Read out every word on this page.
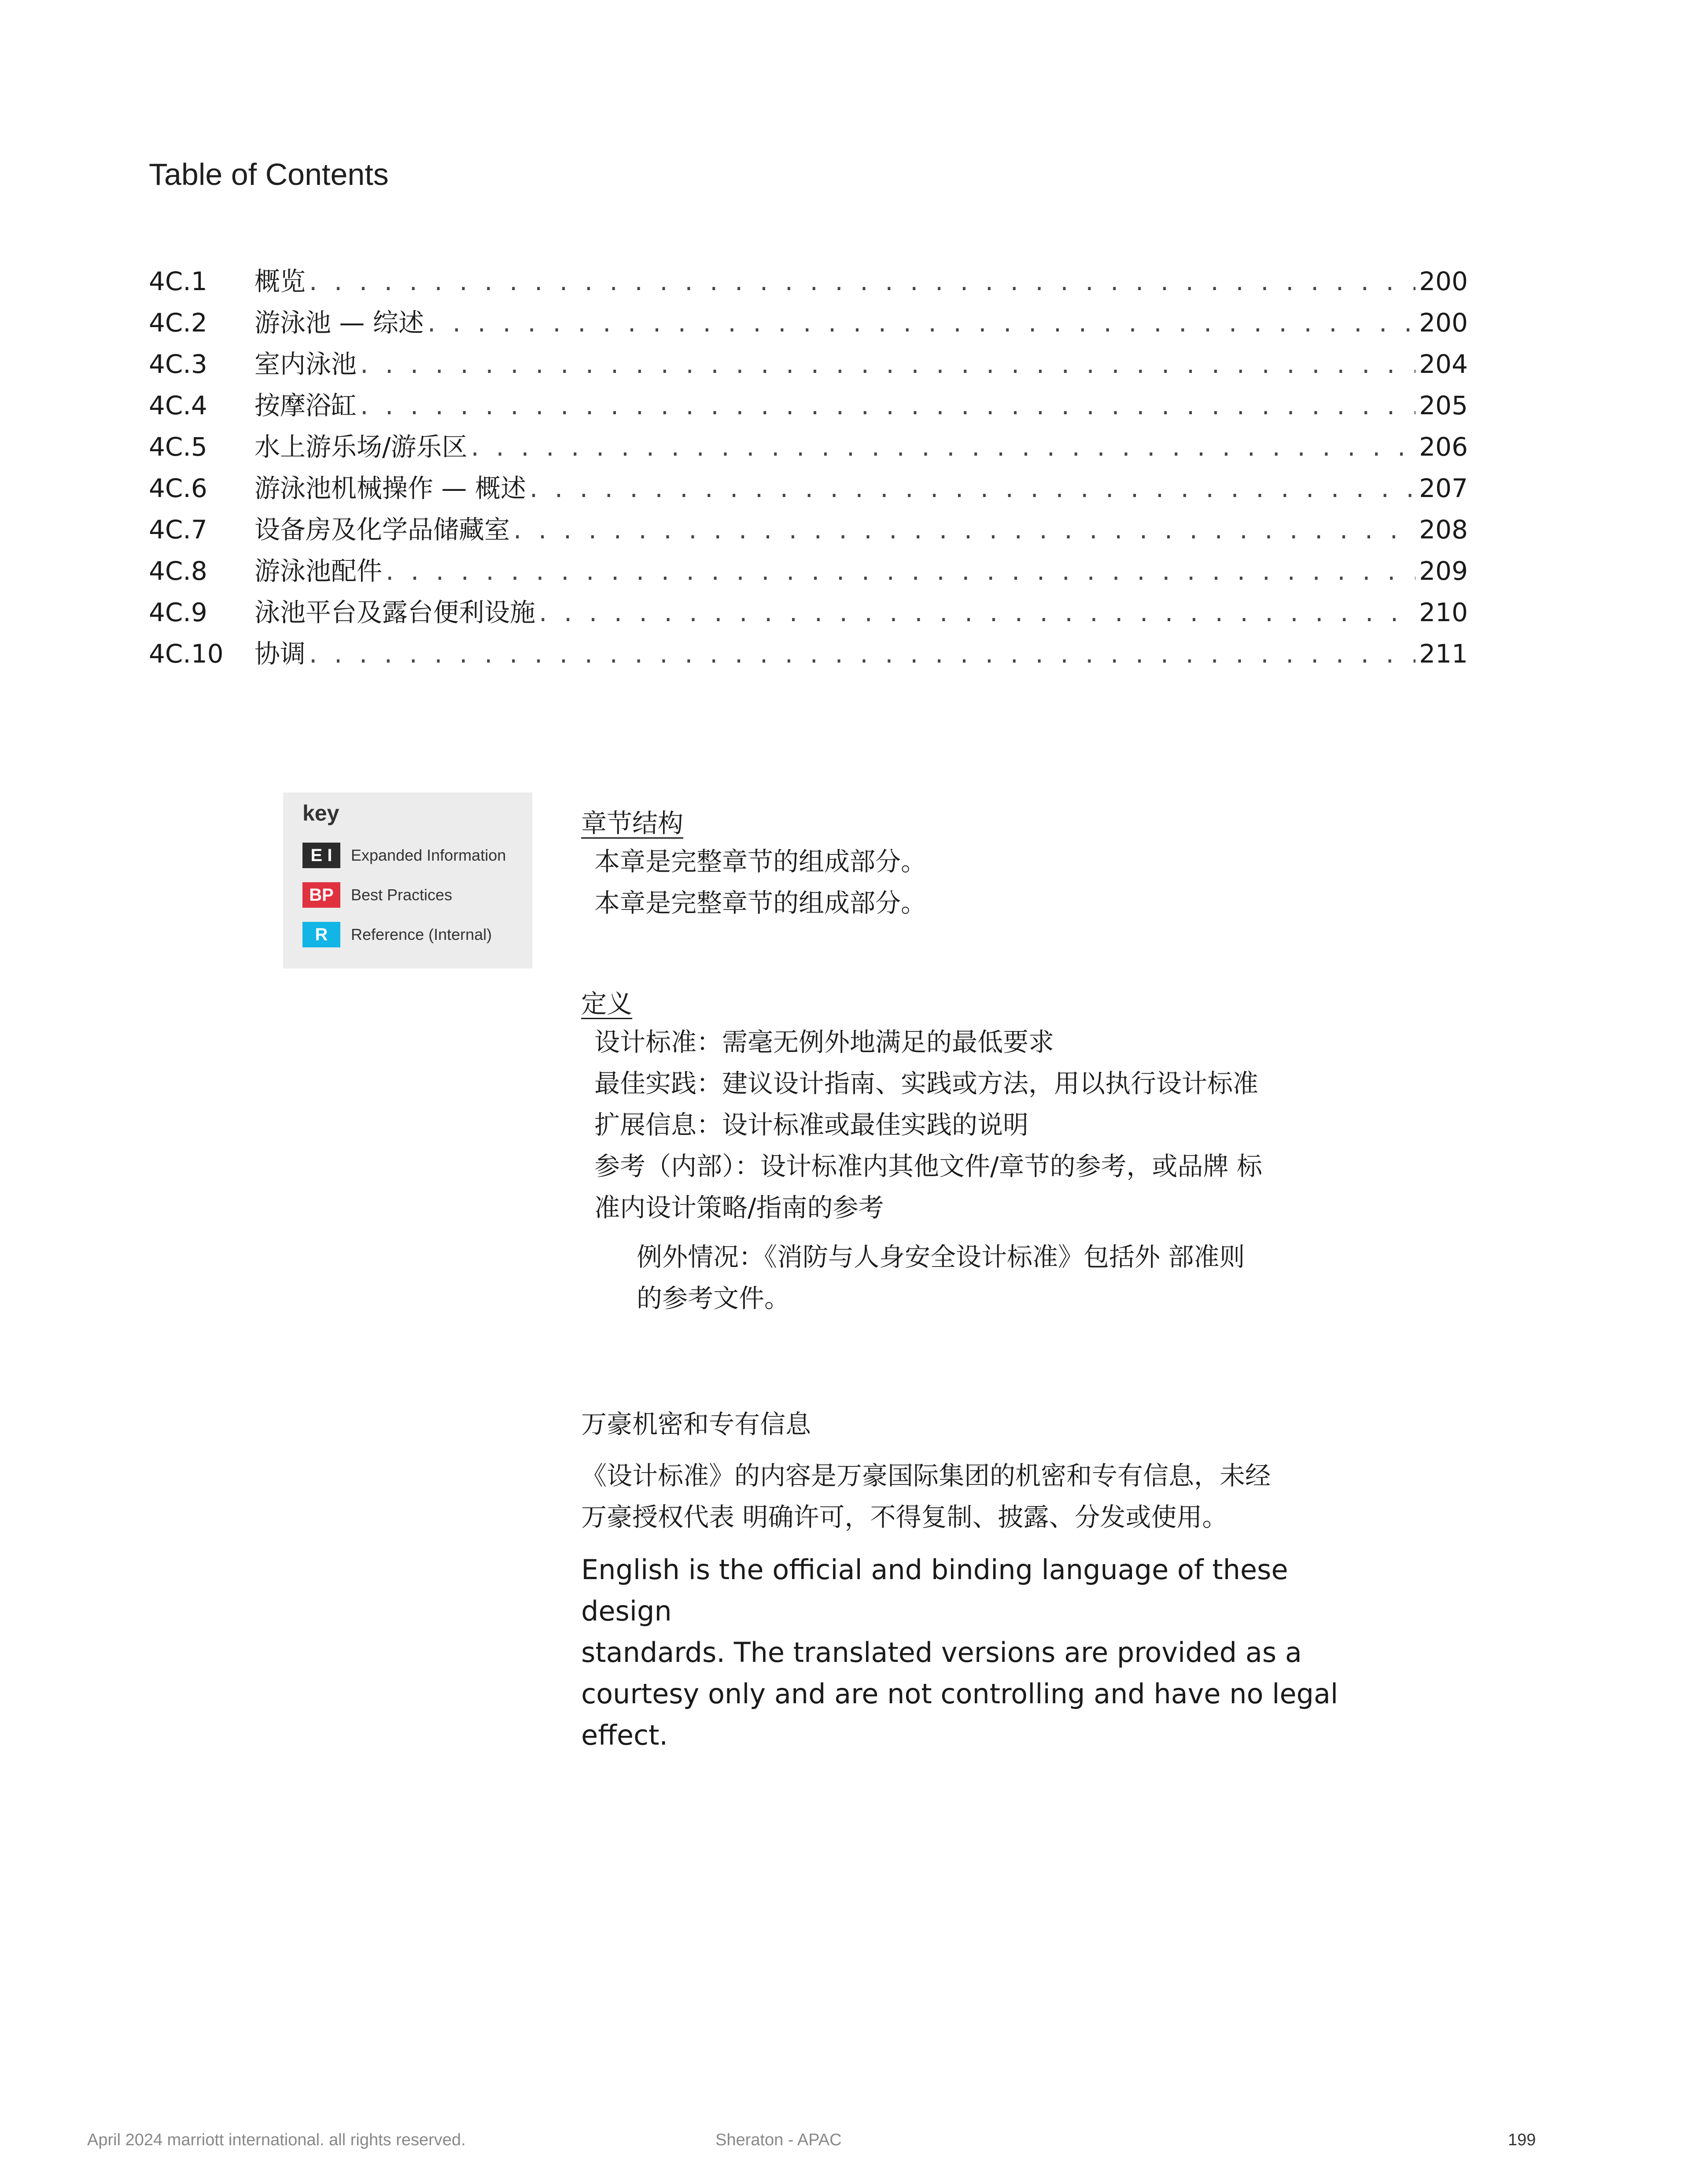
Table of Contents
4C.1	概览 . . .	200
4C.2	游泳池 — 综述 . . .	200
4C.3	室内泳池 . . .	204
4C.4	按摩浴缸 . . .	205
4C.5	水上游乐场/游乐区 . . .	206
4C.6	游泳池机械操作 — 概述 . . .	207
4C.7	设备房及化学品储藏室 . . .	208
4C.8	游泳池配件 . . .	209
4C.9	泳池平台及露台便利设施 . . .	210
4C.10	协调 . . .	211
key
E I	Expanded Information
BP	Best Practices
R	Reference (Internal)
章节结构
本章是完整章节的组成部分。
本章是完整章节的组成部分。
定义
设计标准：需毫无例外地满足的最低要求
最佳实践：建议设计指南、实践或方法，用以执行设计标准
扩展信息：设计标准或最佳实践的说明
参考（内部）：设计标准内其他文件/章节的参考，或品牌 标
准内设计策略/指南的参考
例外情况：《消防与人身安全设计标准》包括外 部准则
的参考文件。
万豪机密和专有信息
《设计标准》的内容是万豪国际集团的机密和专有信息，未经
万豪授权代表 明确许可，不得复制、披露、分发或使用。
English is the official and binding language of these design
standards. The translated versions are provided as a
courtesy only and are not controlling and have no legal
effect.
April 2024 marriott international. all rights reserved.	Sheraton - APAC	199
